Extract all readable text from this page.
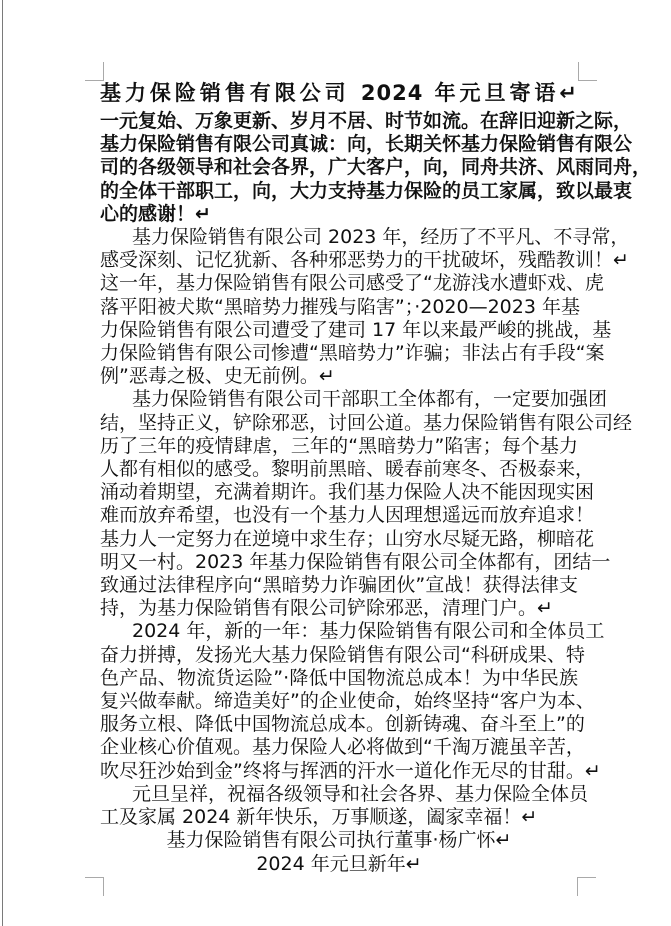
基力保险销售有限公司 2024 年元旦寄语↵
一元复始、万象更新、岁月不居、时节如流。在辞旧迎新之际，
基力保险销售有限公司真诚：向，长期关怀基力保险销售有限公
司的各级领导和社会各界，广大客户，向，同舟共济、风雨同舟，
的全体干部职工，向，大力支持基力保险的员工家属，致以最衷
心的感谢！↵
基力保险销售有限公司 2023 年，经历了不平凡、不寻常，
感受深刻、记忆犹新、各种邪恶势力的干扰破坏，残酷教训！↵
这一年，基力保险销售有限公司感受了“龙游浅水遭虾戏、虎
落平阳被犬欺“黑暗势力摧残与陷害”；·2020—2023 年基
力保险销售有限公司遭受了建司 17 年以来最严峻的挑战，基
力保险销售有限公司惨遭“黑暗势力”诈骗；非法占有手段“案
例”恶毒之极、史无前例。↵
基力保险销售有限公司干部职工全体都有，一定要加强团
结，坚持正义，铲除邪恶，讨回公道。基力保险销售有限公司经
历了三年的疫情肆虐，三年的“黑暗势力”陷害；每个基力
人都有相似的感受。黎明前黑暗、暖春前寒冬、否极泰来，
涌动着期望，充满着期许。我们基力保险人决不能因现实困
难而放弃希望，也没有一个基力人因理想遥远而放弃追求！
基力人一定努力在逆境中求生存；山穷水尽疑无路，柳暗花
明又一村。2023 年基力保险销售有限公司全体都有，团结一
致通过法律程序向“黑暗势力诈骗团伙”宣战！获得法律支
持，为基力保险销售有限公司铲除邪恶，清理门户。↵
2024 年，新的一年：基力保险销售有限公司和全体员工
奋力拼搏，发扬光大基力保险销售有限公司“科研成果、特
色产品、物流货运险”·降低中国物流总成本！为中华民族
复兴做奉献。缔造美好”的企业使命，始终坚持“客户为本、
服务立根、降低中国物流总成本。创新铸魂、奋斗至上”的
企业核心价值观。基力保险人必将做到“千淘万漉虽辛苦，
吹尽狂沙始到金”终将与挥洒的汗水一道化作无尽的甘甜。↵
元旦呈祥，祝福各级领导和社会各界、基力保险全体员
工及家属 2024 新年快乐，万事顺遂，阖家幸福！↵
基力保险销售有限公司执行董事·杨广怀↵
2024 年元旦新年↵
